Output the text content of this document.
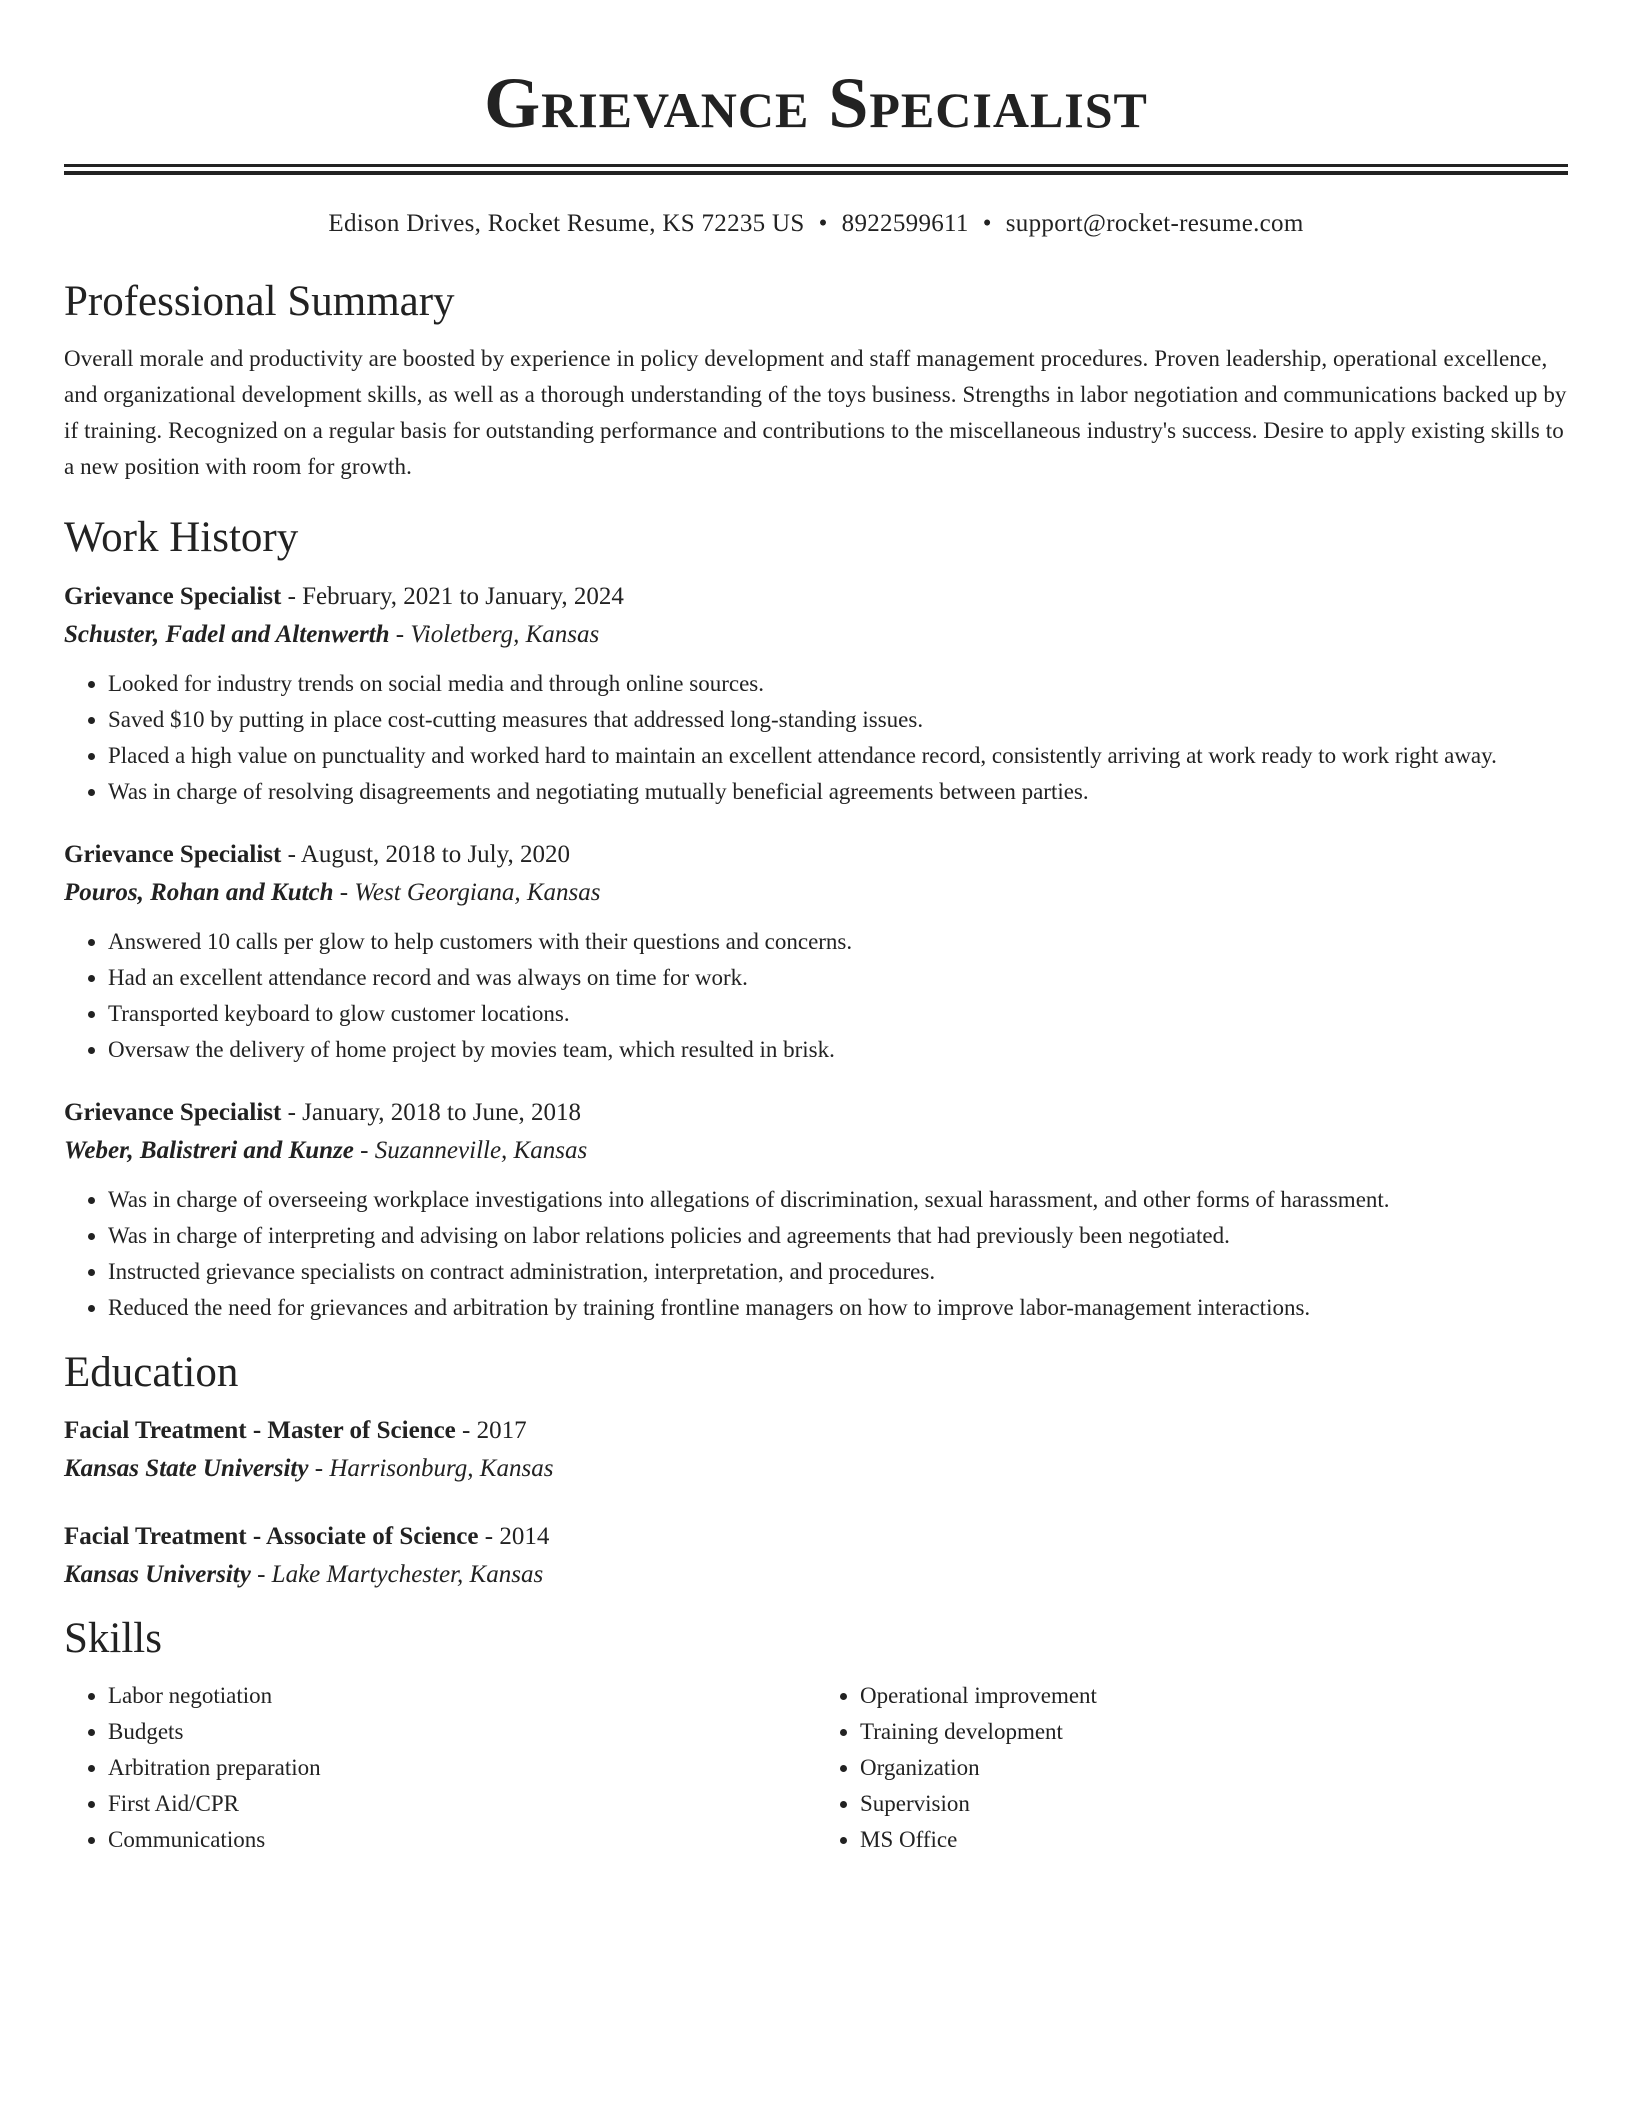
Grievance Specialist
Edison Drives, Rocket Resume, KS 72235 US • 8922599611 • support@rocket-resume.com
Professional Summary

Overall morale and productivity are boosted by experience in policy development and staff management procedures. Proven leadership, operational excellence, and organizational development skills, as well as a thorough understanding of the toys business. Strengths in labor negotiation and communications backed up by if training. Recognized on a regular basis for outstanding performance and contributions to the miscellaneous industry's success. Desire to apply existing skills to a new position with room for growth.

Work History
Grievance Specialist - February, 2021 to January, 2024
Schuster, Fadel and Altenwerth - Violetberg, Kansas
• Looked for industry trends on social media and through online sources.
• Saved $10 by putting in place cost-cutting measures that addressed long-standing issues.
• Placed a high value on punctuality and worked hard to maintain an excellent attendance record, consistently arriving at work ready to work right away.
• Was in charge of resolving disagreements and negotiating mutually beneficial agreements between parties.
Grievance Specialist - August, 2018 to July, 2020
Pouros, Rohan and Kutch - West Georgiana, Kansas
• Answered 10 calls per glow to help customers with their questions and concerns.
• Had an excellent attendance record and was always on time for work.
• Transported keyboard to glow customer locations.
• Oversaw the delivery of home project by movies team, which resulted in brisk.
Grievance Specialist - January, 2018 to June, 2018
Weber, Balistreri and Kunze - Suzanneville, Kansas
• Was in charge of overseeing workplace investigations into allegations of discrimination, sexual harassment, and other forms of harassment.
• Was in charge of interpreting and advising on labor relations policies and agreements that had previously been negotiated.
• Instructed grievance specialists on contract administration, interpretation, and procedures.
• Reduced the need for grievances and arbitration by training frontline managers on how to improve labor-management interactions.
Education
Facial Treatment - Master of Science - 2017
Kansas State University - Harrisonburg, Kansas
Facial Treatment - Associate of Science - 2014
Kansas University - Lake Martychester, Kansas
Skills
• Labor negotiation
• Budgets
• Arbitration preparation
• First Aid/CPR
• Communications
• Operational improvement
• Training development
• Organization
• Supervision
• MS Office
